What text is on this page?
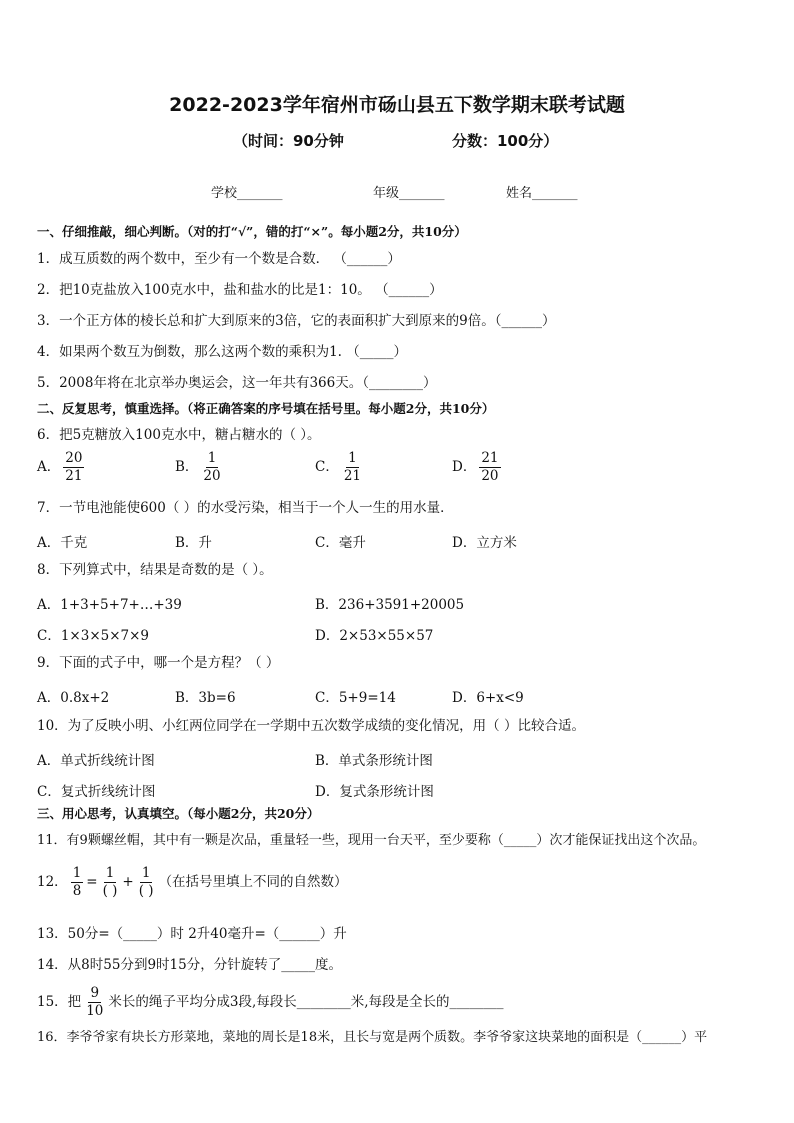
2022-2023学年宿州市砀山县五下数学期末联考试题
（时间：90分钟	分数：100分）
学校_______	年级_______	姓名_______
一、仔细推敲，细心判断。（对的打“√”，错的打“×”。每小题2分，共10分）
1．成互质数的两个数中，至少有一个数是合数． （______）
2．把10克盐放入100克水中，盐和盐水的比是1：10。 （______）
3．一个正方体的棱长总和扩大到原来的3倍，它的表面积扩大到原来的9倍。（______）
4．如果两个数互为倒数，那么这两个数的乘积为1. （_____）
5．2008年将在北京举办奥运会，这一年共有366天。（________）
二、反复思考，慎重选择。（将正确答案的序号填在括号里。每小题2分，共10分）
6．把5克糖放入100克水中，糖占糖水的（ ）。
A． $\frac{20}{21}$	B． $\frac{1}{20}$	C． $\frac{1}{21}$	D． $\frac{21}{20}$
7．一节电池能使600（ ）的水受污染，相当于一个人一生的用水量．
A．千克	B．升	C．毫升	D．立方米
8．下列算式中，结果是奇数的是（ ）。
A．1+3+5+7+…+39	B．236+3591+20005
C．1×3×5×7×9	D．2×53×55×57
9．下面的式子中，哪一个是方程？（ ）
A．0.8x+2	B．3b=6	C．5+9=14	D．6+x<9
10．为了反映小明、小红两位同学在一学期中五次数学成绩的变化情况，用（ ）比较合适。
A．单式折线统计图	B．单式条形统计图
C．复式折线统计图	D．复式条形统计图
三、用心思考，认真填空。（每小题2分，共20分）
11．有9颗螺丝帽，其中有一颗是次品，重量轻一些，现用一台天平，至少要称（_____）次才能保证找出这个次品。
12． $\frac{1}{8} = \frac{1}{( )} + \frac{1}{( )}$ （在括号里填上不同的自然数）
13．50分=（_____）时 2升40毫升=（______）升
14．从8时55分到9时15分，分针旋转了_____度。
15．把 $\frac{9}{10}$ 米长的绳子平均分成3段,每段长________米,每段是全长的________
16．李爷爷家有块长方形菜地，菜地的周长是18米，且长与宽是两个质数。李爷爷家这块菜地的面积是（______）平
